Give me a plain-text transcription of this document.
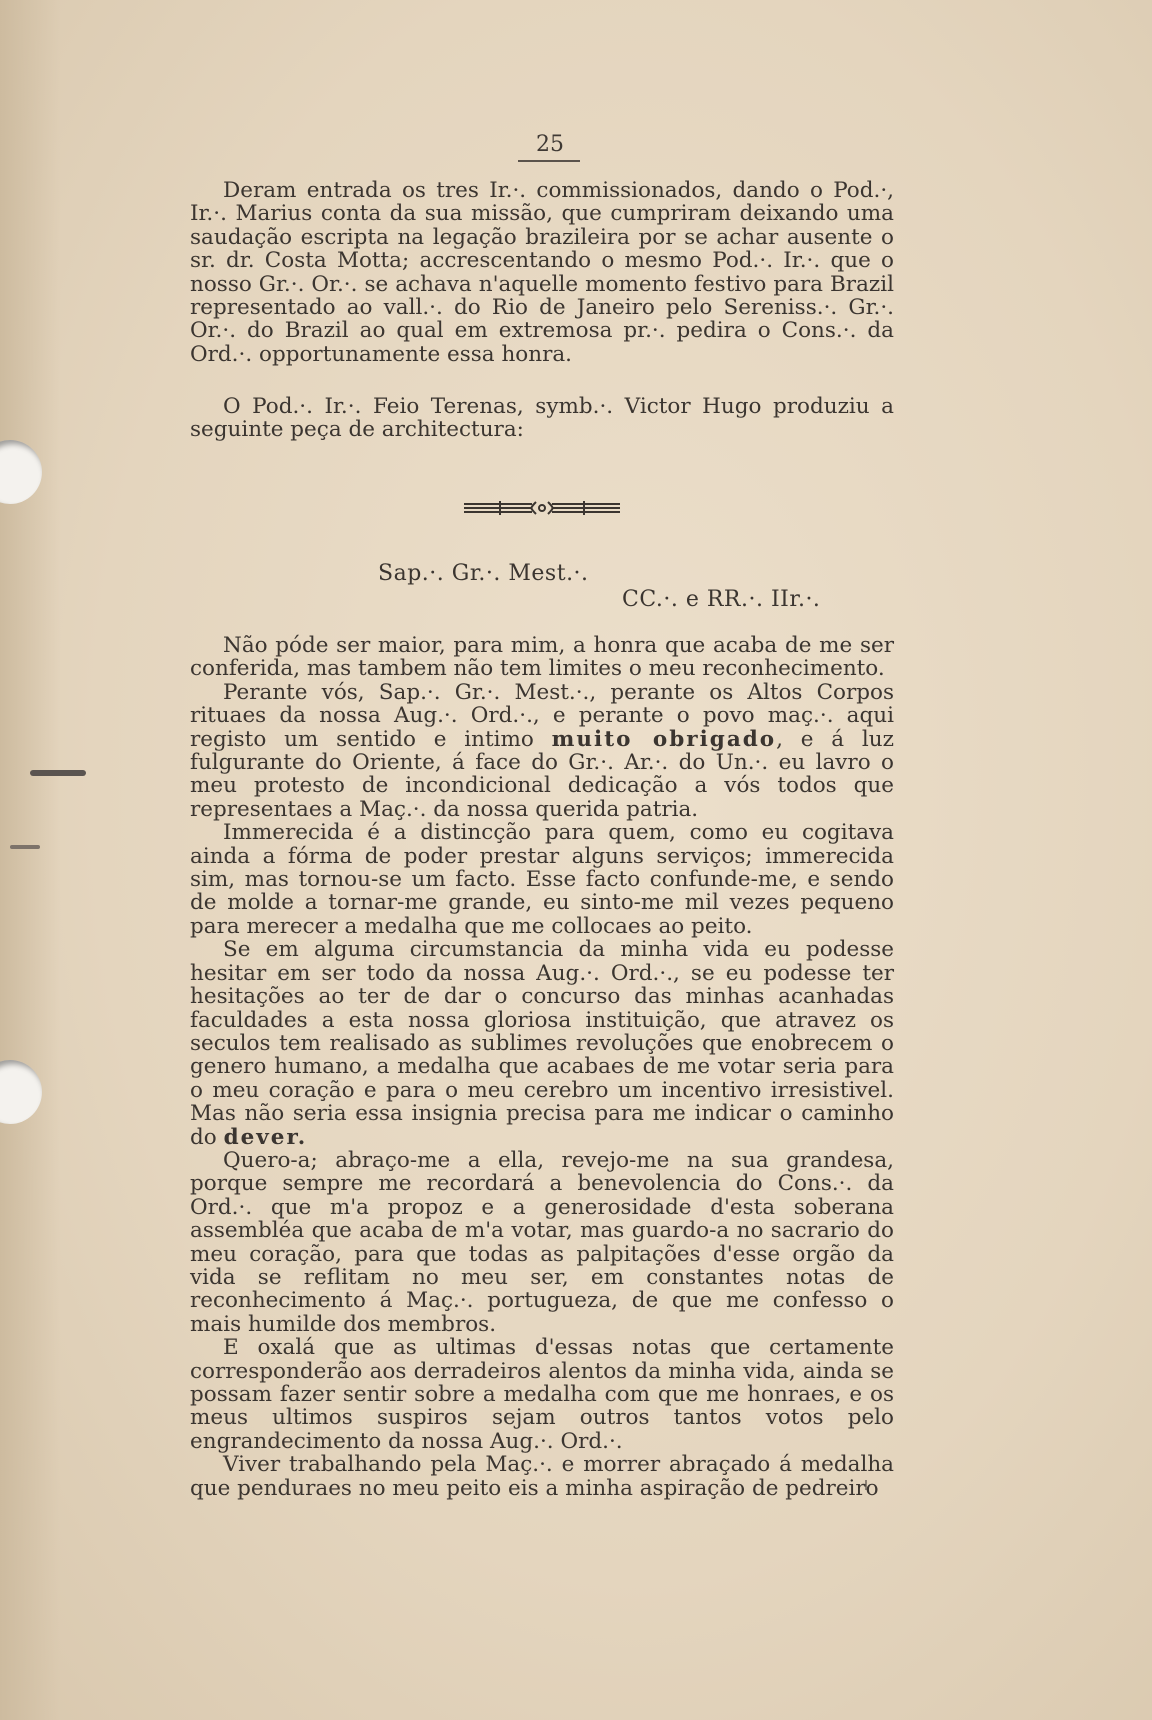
25

Deram entrada os tres Ir.·. commissionados, dando o Pod.·, Ir.·. Marius conta da sua missão, que cumpriram deixando uma saudação escripta na legação brazileira por se achar ausente o sr. dr. Costa Motta; accrescentando o mesmo Pod.·. Ir.·. que o nosso Gr.·. Or.·. se achava n'aquelle momento festivo para Brazil representado ao vall.·. do Rio de Janeiro pelo Sereniss.·. Gr.·. Or.·. do Brazil ao qual em extremosa pr.·. pedira o Cons.·. da Ord.·. opportunamente essa honra.

O Pod.·. Ir.·. Feio Terenas, symb.·. Victor Hugo produziu a seguinte peça de architectura:

Sap.·. Gr.·. Mest.·.
CC.·. e RR.·. IIr.·.

Não póde ser maior, para mim, a honra que acaba de me ser conferida, mas tambem não tem limites o meu reconhecimento.

Perante vós, Sap.·. Gr.·. Mest.·., perante os Altos Corpos rituaes da nossa Aug.·. Ord.·., e perante o povo maç.·. aqui registo um sentido e intimo muito obrigado, e á luz fulgurante do Oriente, á face do Gr.·. Ar.·. do Un.·. eu lavro o meu protesto de incondicional dedicação a vós todos que representaes a Maç.·. da nossa querida patria.

Immerecida é a distincção para quem, como eu cogitava ainda a fórma de poder prestar alguns serviços; immerecida sim, mas tornou-se um facto. Esse facto confunde-me, e sendo de molde a tornar-me grande, eu sinto-me mil vezes pequeno para merecer a medalha que me collocaes ao peito.

Se em alguma circumstancia da minha vida eu podesse hesitar em ser todo da nossa Aug.·. Ord.·., se eu podesse ter hesitações ao ter de dar o concurso das minhas acanhadas faculdades a esta nossa gloriosa instituição, que atravez os seculos tem realisado as sublimes revoluções que enobrecem o genero humano, a medalha que acabaes de me votar seria para o meu coração e para o meu cerebro um incentivo irresistivel. Mas não seria essa insignia precisa para me indicar o caminho do dever.

Quero-a; abraço-me a ella, revejo-me na sua grandesa, porque sempre me recordará a benevolencia do Cons.·. da Ord.·. que m'a propoz e a generosidade d'esta soberana assembléa que acaba de m'a votar, mas guardo-a no sacrario do meu coração, para que todas as palpitações d'esse orgão da vida se reflitam no meu ser, em constantes notas de reconhecimento á Maç.·. portugueza, de que me confesso o mais humilde dos membros.

E oxalá que as ultimas d'essas notas que certamente corresponderão aos derradeiros alentos da minha vida, ainda se possam fazer sentir sobre a medalha com que me honraes, e os meus ultimos suspiros sejam outros tantos votos pelo engrandecimento da nossa Aug.·. Ord.·.

Viver trabalhando pela Maç.·. e morrer abraçado á medalha que penduraes no meu peito eis a minha aspiração de pedreiro
